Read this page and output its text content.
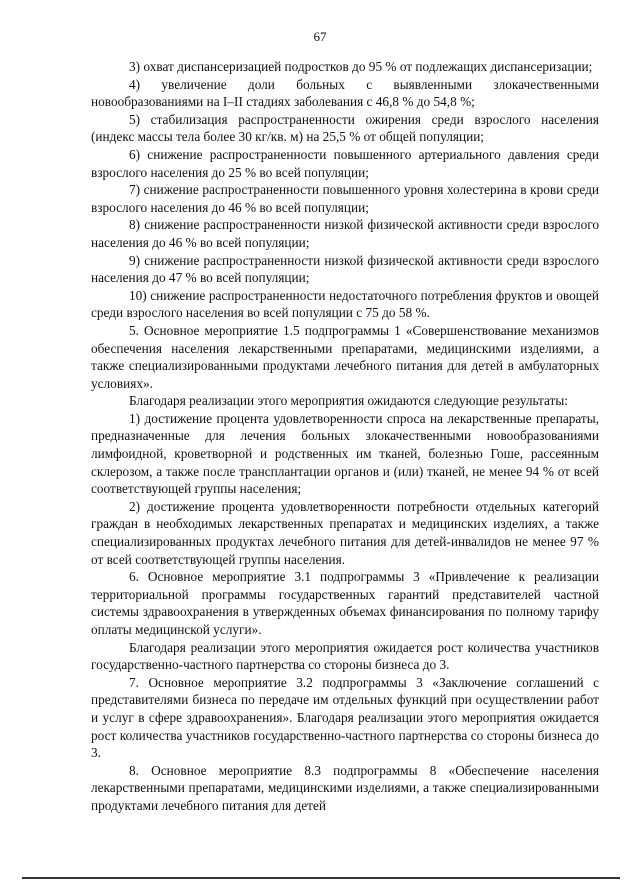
67

3) охват диспансеризацией подростков до 95 % от подлежащих диспансеризации;

4) увеличение доли больных с выявленными злокачественными новообразованиями на I–II стадиях заболевания с 46,8 % до 54,8 %;

5) стабилизация распространенности ожирения среди взрослого населения (индекс массы тела более 30 кг/кв. м) на 25,5 % от общей популяции;

6) снижение распространенности повышенного артериального давления среди взрослого населения до 25 % во всей популяции;

7) снижение распространенности повышенного уровня холестерина в крови среди взрослого населения до 46 % во всей популяции;

8) снижение распространенности низкой физической активности среди взрослого населения до 46 % во всей популяции;

9) снижение распространенности низкой физической активности среди взрослого населения до 47 % во всей популяции;

10) снижение распространенности недостаточного потребления фруктов и овощей среди взрослого населения во всей популяции с 75 до 58 %.

5. Основное мероприятие 1.5 подпрограммы 1 «Совершенствование механизмов обеспечения населения лекарственными препаратами, медицинскими изделиями, а также специализированными продуктами лечебного питания для детей в амбулаторных условиях».

Благодаря реализации этого мероприятия ожидаются следующие результаты:

1) достижение процента удовлетворенности спроса на лекарственные препараты, предназначенные для лечения больных злокачественными новообразованиями лимфоидной, кроветворной и родственных им тканей, болезнью Гоше, рассеянным склерозом, а также после трансплантации органов и (или) тканей, не менее 94 % от всей соответствующей группы населения;

2) достижение процента удовлетворенности потребности отдельных категорий граждан в необходимых лекарственных препаратах и медицинских изделиях, а также специализированных продуктах лечебного питания для детей-инвалидов не менее 97 % от всей соответствующей группы населения.

6. Основное мероприятие 3.1 подпрограммы 3 «Привлечение к реализации территориальной программы государственных гарантий представителей частной системы здравоохранения в утвержденных объемах финансирования по полному тарифу оплаты медицинской услуги».

Благодаря реализации этого мероприятия ожидается рост количества участников государственно-частного партнерства со стороны бизнеса до 3.

7. Основное мероприятие 3.2 подпрограммы 3 «Заключение соглашений с представителями бизнеса по передаче им отдельных функций при осуществлении работ и услуг в сфере здравоохранения». Благодаря реализации этого мероприятия ожидается рост количества участников государственно-частного партнерства со стороны бизнеса до 3.

8. Основное мероприятие 8.3 подпрограммы 8 «Обеспечение населения лекарственными препаратами, медицинскими изделиями, а также специализированными продуктами лечебного питания для детей
